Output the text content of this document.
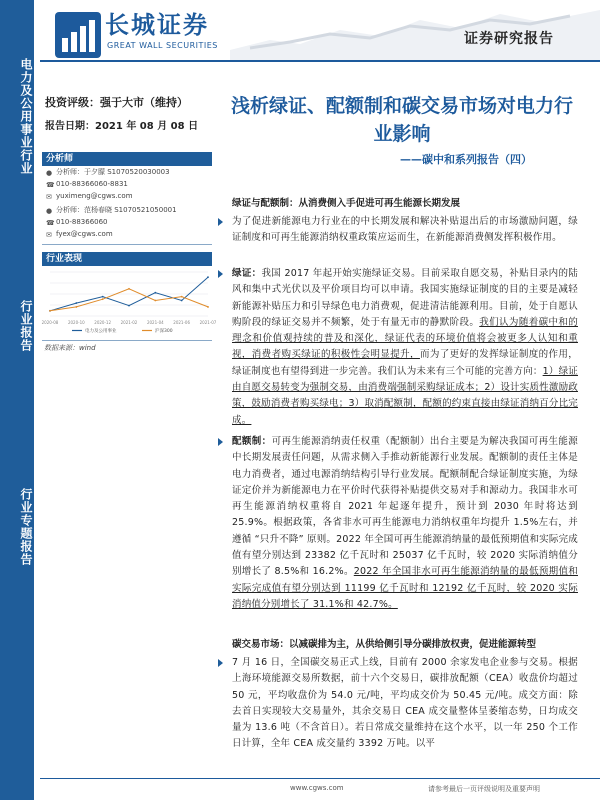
电力及公用事业行业
行业报告
行业专题报告
长城证券
GREAT WALL SECURITIES	证券研究报告
投资评级：强于大市（维持）
报告日期：2021 年 08 月 08 日
分析师
● 分析师：于夕朦 S1070520030003
☎010-88366060-8831
✉ yuximeng@cgws.com
● 分析师：范杨春晓 S1070521050001
☎010-88366060
✉ fyex@cgws.com
行业表现
2020-08 2020-10 2020-12 2021-02 2021-04 2021-06 2021-07
电力及公用事业	沪深300
数据来源：wind
浅析绿证、配额制和碳交易市场对电力行业影响
——碳中和系列报告（四）
绿证与配额制：从消费侧入手促进可再生能源长期发展
为了促进新能源电力行业在的中长期发展和解决补贴退出后的市场激励问题，绿证制度和可再生能源消纳权重政策应运而生，在新能源消费侧发挥积极作用。
绿证：我国 2017 年起开始实施绿证交易。目前采取自愿交易，补贴目录内的陆风和集中式光伏以及平价项目均可以申请。我国实施绿证制度的目的主要是减轻新能源补贴压力和引导绿色电力消费观，促进清洁能源利用。目前，处于自愿认购阶段的绿证交易并不频繁，处于有量无市的静默阶段。我们认为随着碳中和的理念和价值观持续的普及和深化，绿证代表的环境价值将会被更多人认知和重视，消费者购买绿证的积极性会明显提升，而为了更好的发挥绿证制度的作用，绿证制度也有望得到进一步完善。我们认为未来有三个可能的完善方向：1）绿证由自愿交易转变为强制交易，由消费端强制采购绿证成本；2）设计实质性激励政策，鼓励消费者购买绿电；3）取消配额制，配额的约束直接由绿证消纳百分比完成。
配额制：可再生能源消纳责任权重（配额制）出台主要是为解决我国可再生能源中长期发展责任问题，从需求侧入手推动新能源行业发展。配额制的责任主体是电力消费者，通过电源消纳结构引导行业发展。配额制配合绿证制度实施，为绿证定价并为新能源电力在平价时代获得补贴提供交易对手和源动力。我国非水可再生能源消纳权重将自 2021 年起逐年提升，预计到 2030 年时将达到 25.9%。根据政策，各省非水可再生能源电力消纳权重年均提升 1.5%左右，并遵循 “只升不降” 原则。2022 年全国可再生能源消纳量的最低预期值和实际完成值有望分别达到 23382 亿千瓦时和 25037 亿千瓦时，较 2020 实际消纳值分别增长了 8.5%和 16.2%。2022 年全国非水可再生能源消纳量的最低预期值和实际完成值有望分别达到 11199 亿千瓦时和 12192 亿千瓦时，较 2020 实际消纳值分别增长了 31.1%和 42.7%。
碳交易市场：以减碳排为主，从供给侧引导分碳排放权责，促进能源转型
7 月 16 日，全国碳交易正式上线，目前有 2000 余家发电企业参与交易。根据上海环境能源交易所数据，前十六个交易日，碳排放配额（CEA）收盘价均超过 50 元，平均收盘价为 54.0 元/吨，平均成交价为 50.45 元/吨。成交方面：除去首日实现较大交易量外，其余交易日 CEA 成交量整体呈萎缩态势，日均成交量为 13.6 吨（不含首日）。若日常成交量维持在这个水平，以一年 250 个工作日计算，全年 CEA 成交量约 3392 万吨。以平
www.cgws.com	请参考最后一页评级说明及重要声明
